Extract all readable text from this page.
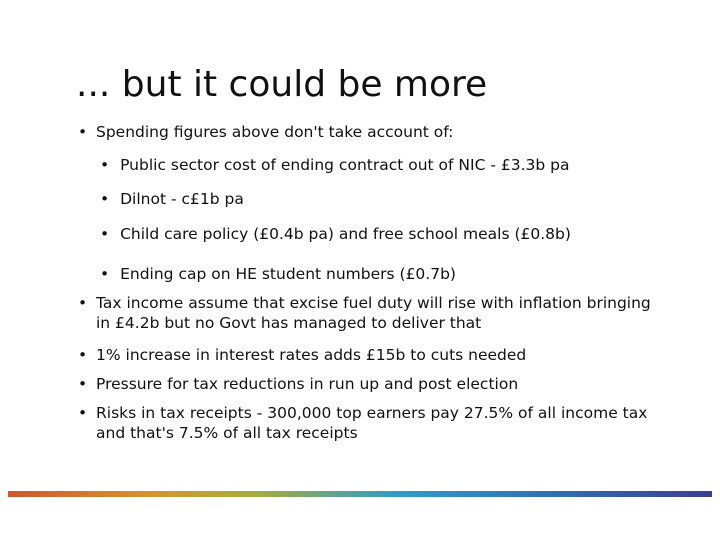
... but it could be more
• Spending figures above don't take account of:
• Public sector cost of ending contract out of NIC - £3.3b pa
• Dilnot - c£1b pa
• Child care policy (£0.4b pa) and free school meals (£0.8b)
• Ending cap on HE student numbers (£0.7b)
• Tax income assume that excise fuel duty will rise with inflation bringing in £4.2b but no Govt has managed to deliver that
• 1% increase in interest rates adds £15b to cuts needed
• Pressure for tax reductions in run up and post election
• Risks in tax receipts - 300,000 top earners pay 27.5% of all income tax and that's 7.5% of all tax receipts
